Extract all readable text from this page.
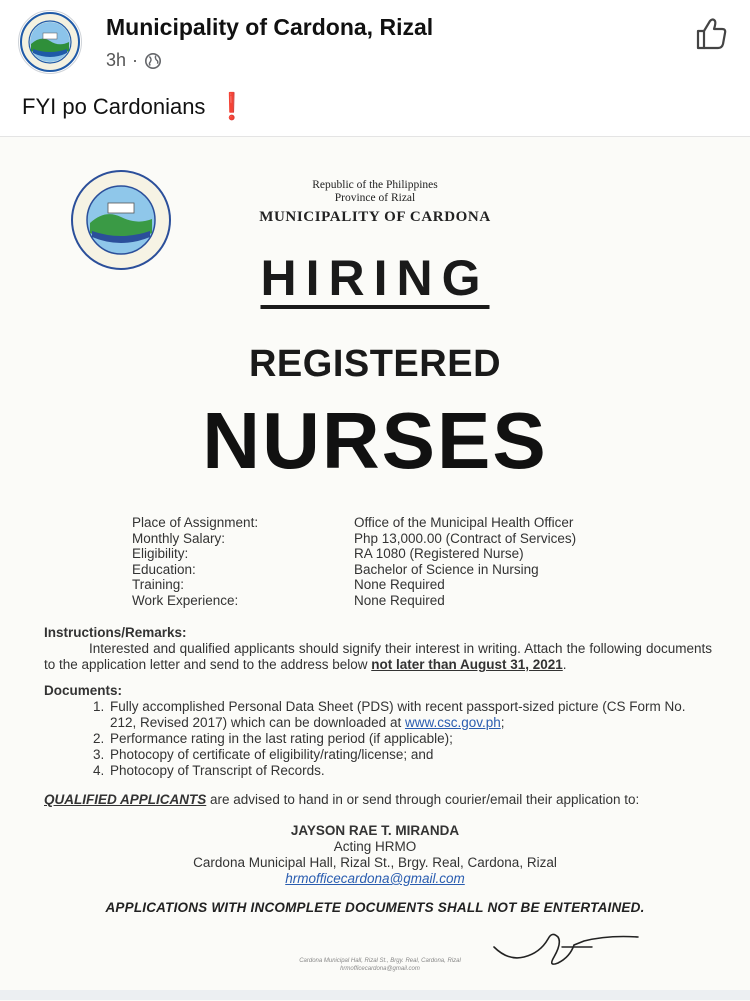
Municipality of Cardona, Rizal
3h ·
FYI po Cardonians ❗
Republic of the Philippines
Province of Rizal
MUNICIPALITY OF CARDONA
HIRING
REGISTERED
NURSES
Place of Assignment:	Office of the Municipal Health Officer
Monthly Salary:	Php 13,000.00 (Contract of Services)
Eligibility:	RA 1080 (Registered Nurse)
Education:	Bachelor of Science in Nursing
Training:	None Required
Work Experience:	None Required
Instructions/Remarks:
Interested and qualified applicants should signify their interest in writing. Attach the following documents to the application letter and send to the address below not later than August 31, 2021.
Documents:
1. Fully accomplished Personal Data Sheet (PDS) with recent passport-sized picture (CS Form No. 212, Revised 2017) which can be downloaded at www.csc.gov.ph;
2. Performance rating in the last rating period (if applicable);
3. Photocopy of certificate of eligibility/rating/license; and
4. Photocopy of Transcript of Records.
QUALIFIED APPLICANTS are advised to hand in or send through courier/email their application to:
JAYSON RAE T. MIRANDA
Acting HRMO
Cardona Municipal Hall, Rizal St., Brgy. Real, Cardona, Rizal
hrmofficecardona@gmail.com
APPLICATIONS WITH INCOMPLETE DOCUMENTS SHALL NOT BE ENTERTAINED.
Cardona Municipal Hall, Rizal St., Brgy. Real, Cardona, Rizal
hrmofficecardona@gmail.com
